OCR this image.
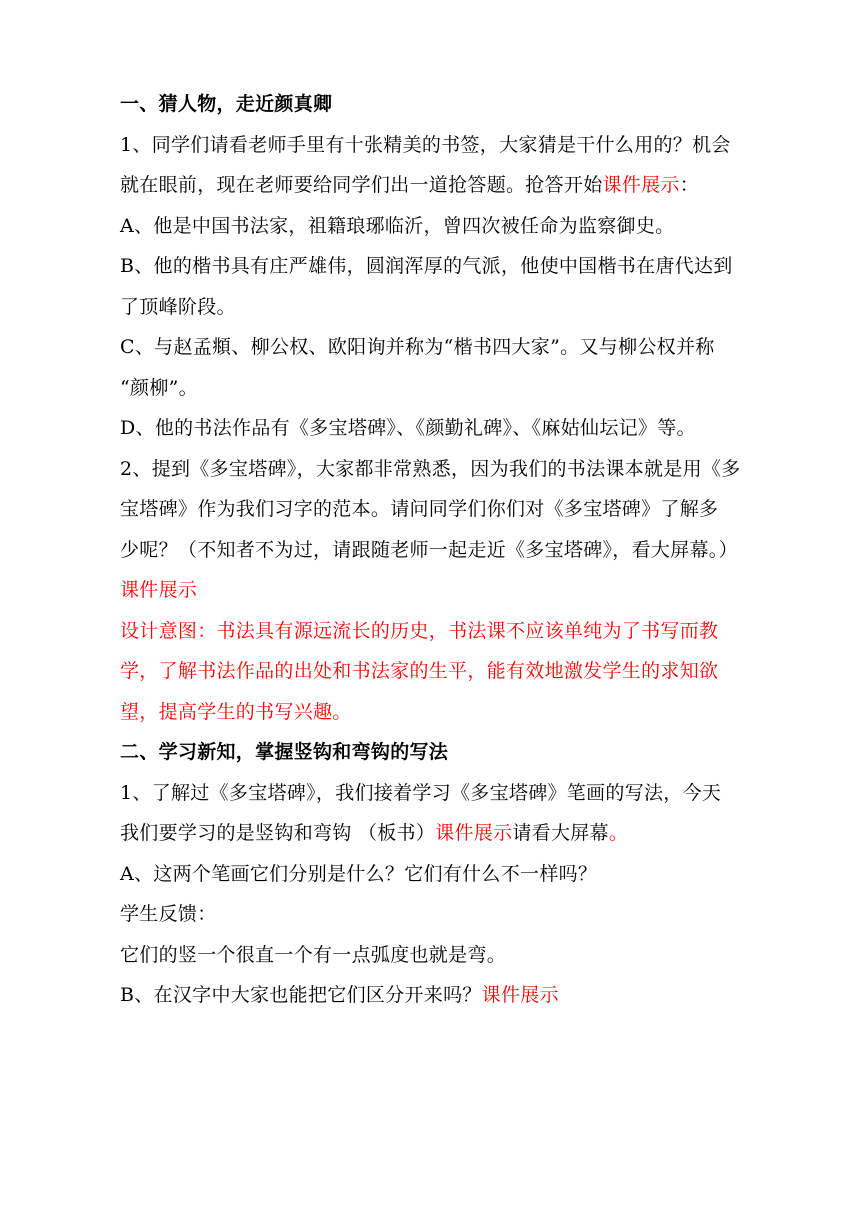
一、猜人物，走近颜真卿
1、同学们请看老师手里有十张精美的书签，大家猜是干什么用的？机会
就在眼前，现在老师要给同学们出一道抢答题。抢答开始课件展示：
A、他是中国书法家，祖籍琅琊临沂，曾四次被任命为监察御史。
B、他的楷书具有庄严雄伟，圆润浑厚的气派，他使中国楷书在唐代达到
了顶峰阶段。
C、与赵孟頫、柳公权、欧阳询并称为“楷书四大家”。又与柳公权并称
“颜柳”。
D、他的书法作品有《多宝塔碑》、《颜勤礼碑》、《麻姑仙坛记》等。
2、提到《多宝塔碑》，大家都非常熟悉，因为我们的书法课本就是用《多
宝塔碑》作为我们习字的范本。请问同学们你们对《多宝塔碑》了解多
少呢？（不知者不为过，请跟随老师一起走近《多宝塔碑》，看大屏幕。）
课件展示
设计意图：书法具有源远流长的历史，书法课不应该单纯为了书写而教
学，了解书法作品的出处和书法家的生平，能有效地激发学生的求知欲
望，提高学生的书写兴趣。
二、学习新知，掌握竖钩和弯钩的写法
1、了解过《多宝塔碑》，我们接着学习《多宝塔碑》笔画的写法，今天
我们要学习的是竖钩和弯钩 （板书）课件展示请看大屏幕。
A、这两个笔画它们分别是什么？它们有什么不一样吗？
学生反馈：
它们的竖一个很直一个有一点弧度也就是弯。
B、在汉字中大家也能把它们区分开来吗？课件展示
